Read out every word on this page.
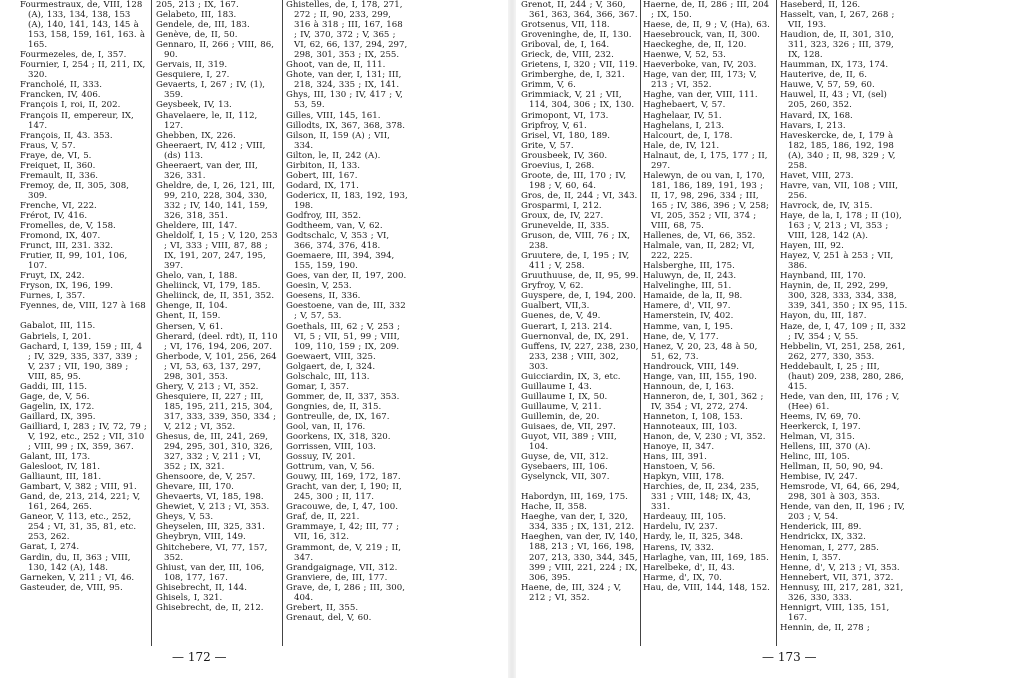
Fourmestraux, de, VIII, 128 (A), 133, 134, 138, 153 (A), 140, 141, 143, 145 à 153, 158, 159, 161, 163. à 165.
Fourmezeles, de, I, 357.
Fournier, I, 254 ; II, 211, IX, 320.
Francholé, II, 333.
Francken, IV, 406.
François I, roi, II, 202.
François II, empereur, IX, 147.
François, II, 43. 353.
Fraus, V, 57.
Fraye, de, VI, 5.
Freiquet, II, 360.
Fremault, II, 336.
Fremoy, de, II, 305, 308, 309.
Frenche, VI, 222.
Frérot, IV, 416.
Fromelles, de, V, 158.
Fromond, IX, 407.
Frunct, III, 231. 332.
Frutier, II, 99, 101, 106, 107.
Fruyt, IX, 242.
Fryson, IX, 196, 199.
Furnes, I, 357.
Fyennes, de, VIII, 127 à 168
Gabalot, III, 115.
Gabriels, I, 201.
Gachard, I, 139, 159 ; III, 4 ; IV, 329, 335, 337, 339 ; V, 237 ; VII, 190, 389 ; VIII, 85, 95.
Gaddi, III, 115.
Gage, de, V, 56.
Gagelin, IX, 172.
Gaillard, IX, 395.
Gailliard, I, 283 ; IV, 72, 79 ; V, 192, etc., 252 ; VII, 310 ; VIII, 99 ; IX, 359, 367.
Galant, III, 173.
Galesloot, IV, 181.
Galliaunt, III, 181.
Gambart, V, 382 ; VIII, 91.
Gand, de, 213, 214, 221; V, 161, 264, 265.
Ganeor, V, 113, etc., 252, 254 ; VI, 31, 35, 81, etc. 253, 262.
Garat, I, 274.
Gardin, du, II, 363 ; VIII, 130, 142 (A), 148.
Garneken, V, 211 ; VI, 46.
Gasteuder, de, VIII, 95.
205, 213 ; IX, 167.
Gelabeto, III, 183.
Gendele, de, III, 183.
Genève, de, II, 50.
Gennaro, II, 266 ; VIII, 86, 90.
Gervais, II, 319.
Gesquiere, I, 27.
Gevaerts, I, 267 ; IV, (1), 359.
Geysbeek, IV, 13.
Ghavelaere, le, II, 112, 127.
Ghebben, IX, 226.
Gheeraert, IV, 412 ; VIII, (ds) 113.
Gheeraert, van der, III, 326, 331.
Gheldre, de, I, 26, 121, III, 99, 210, 228, 304, 330, 332 ; IV, 140, 141, 159, 326, 318, 351.
Gheldere, III, 147.
Gheldolf, I, 15 ; V, 120, 253 ; VI, 333 ; VIII, 87, 88 ; IX, 191, 207, 247, 195, 397.
Ghelo, van, I, 188.
Gheliinck, VI, 179, 185.
Gheliinck, de, II, 351, 352.
Ghenge, II, 104.
Ghent, II, 159.
Ghersen, V, 61.
Gherard, (deel. rdt), II, 110 ; VI, 176, 194, 206, 207.
Gherbode, V, 101, 256, 264 ; VI, 53, 63, 137, 297, 298, 301, 353.
Ghery, V, 213 ; VI, 352.
Ghesquiere, II, 227 ; III, 185, 195, 211, 215, 304, 317, 333, 339, 350, 334 ; V, 212 ; VI, 352.
Ghesus, de, III, 241, 269, 294, 295, 301, 310, 326, 327, 332 ; V, 211 ; VI, 352 ; IX, 321.
Ghensoore, de, V, 257.
Ghevare, III, 170.
Ghevaerts, VI, 185, 198.
Ghewiet, V, 213 ; VI, 353.
Gheys, V, 53.
Gheyselen, III, 325, 331.
Gheybryn, VIII, 149.
Ghitchebere, VI, 77, 157, 352.
Ghiust, van der, III, 106, 108, 177, 167.
Ghisebrecht, II, 144.
Ghisels, I, 321.
Ghisebrecht, de, II, 212.
Ghistelles, de, I, 178, 271, 272 ; II, 90, 233, 299, 316 à 318 ; III, 167, 168 ; IV, 370, 372 ; V, 365 ; VI, 62, 66, 137, 294, 297, 298, 301, 353 ; IX, 255.
Ghoot, van de, II, 111.
Ghote, van der, I, 131; III, 218, 324, 335 ; IX, 141.
Ghys, III, 130 ; IV, 417 ; V, 53, 59.
Gilles, VIII, 145, 161.
Gillodts, IX, 367, 368, 378.
Gilson, II, 159 (A) ; VII, 334.
Gilton, le, II, 242 (A).
Girbiton, II, 133.
Gobert, III, 167.
Godard, IX, 171.
Godericx, II, 183, 192, 193, 198.
Godfroy, III, 352.
Godtheem, van, V, 62.
Godtschalc, V, 353 ; VI, 366, 374, 376, 418.
Goemaere, III, 394, 394, 155, 159, 190.
Goes, van der, II, 197, 200.
Goesin, V, 253.
Goesens, II, 336.
Goestoene, van de, III, 332 ; V, 57, 53.
Goethals, III, 62 ; V, 253 ; VI, 5 ; VII, 51, 99 ; VIII, 109, 110, 159 ; IX, 209.
Goewaert, VIII, 325.
Golgaert, de, I, 324.
Golschalc, III, 113.
Gomar, I, 357.
Gommer, de, II, 337, 353.
Gongnies, de, II, 315.
Gontreulle, de, IX, 167.
Gool, van, II, 176.
Goorkens, IX, 318, 320.
Gorrissen, VIII, 103.
Gossuy, IV, 201.
Gottrum, van, V, 56.
Gouwy, III, 169, 172, 187.
Gracht, van der, I, 190; II, 245, 300 ; II, 117.
Gracouwe, de, I, 47, 100.
Graf, de, II, 221.
Grammaye, I, 42; III, 77 ; VII, 16, 312.
Grammont, de, V, 219 ; II, 347.
Grandgaignage, VII, 312.
Granviere, de, III, 177.
Grave, de, I, 286 ; III, 300, 404.
Grebert, II, 355.
Grenaut, del, V, 60.
— 172 —
Grenot, II, 244 ; V, 360, 361, 363, 364, 366, 367.
Grotsenus, VII, 118.
Groveninghe, de, II, 130.
Griboval, de, I, 164.
Grieck, de, VIII, 232.
Grietens, I, 320 ; VII, 119.
Grimberghe, de, I, 321.
Grimm, V, 6.
Grimmiack, V, 21 ; VII, 114, 304, 306 ; IX, 130.
Grimopont, VI, 173.
Gripfroy, V, 61.
Grisel, VI, 180, 189.
Grite, V, 57.
Grousbeek, IV, 360.
Groevius, I, 268.
Groote, de, III, 170 ; IV, 198 ; V, 60, 64.
Gros, de, II, 244 ; VI, 343.
Grosparmi, I, 212.
Groux, de, IV, 227.
Grunevelde, II, 335.
Gruson, de, VIII, 76 ; IX, 238.
Gruutere, de, I, 195 ; IV, 411 ; V, 258.
Gruuthuuse, de, II, 95, 99.
Gryfroy, V, 62.
Guyspere, de, I, 194, 200.
Gualbert, VII,3.
Guenes, de, V, 49.
Guerart, I, 213. 214.
Guernonval, de, IX, 291.
Guffens, IV, 227, 238, 230, 233, 238 ; VIII, 302, 303.
Guicciardin, IX, 3, etc.
Guillaume I, 43.
Guillaume I, IX, 50.
Guillaume, V, 211.
Guillemin, de, 20.
Guisaes, de, VII, 297.
Guyot, VII, 389 ; VIII, 104.
Guyse, de, VII, 312.
Gysebaers, III, 106.
Gyselynck, VII, 307.
Habordyn, III, 169, 175.
Hache, II, 358.
Haeghe, van der, I, 320, 334, 335 ; IX, 131, 212.
Haeghen, van der, IV, 140, 188, 213 ; VI, 166, 198, 207, 213, 330, 344, 345, 399 ; VIII, 221, 224 ; IX, 306, 395.
Haene, de, III, 324 ; V, 212 ; VI, 352.
Haerne, de, II, 286 ; III, 204 ; IX, 150.
Haese, de, II, 9 ; V, (Ha), 63.
Haesebrouck, van, II, 300.
Haeckeghe, de, II, 120.
Haenwe, V, 52, 53.
Haeverboke, van, IV, 203.
Hage, van der, III, 173; V, 213 ; VI, 352.
Haghe, van der, VIII, 111.
Haghebaert, V, 57.
Haghelaar, IV, 51.
Haghelans, I, 213.
Halcourt, de, I, 178.
Hale, de, IV, 121.
Halnaut, de, I, 175, 177 ; II, 297.
Halewyn, de ou van, I, 170, 181, 186, 189, 191, 193 ; II, 17, 98, 296, 334 ; III, 165 ; IV, 386, 396 ; V, 258; VI, 205, 352 ; VII, 374 ; VIII, 68, 75.
Hallenes, de, VI, 66, 352.
Halmale, van, II, 282; VI, 222, 225.
Halsberghe, III, 175.
Haluwyn, de, II, 243.
Halvelinghe, III, 51.
Hamaide, de la, II, 98.
Hamere, d', VII, 97.
Hamerstein, IV, 402.
Hamme, van, I, 195.
Hane, de, V, 177.
Hanez, V, 20, 23, 48 à 50, 51, 62, 73.
Handrouck, VIII, 149.
Hange, van, III, 155, 190.
Hannoun, de, I, 163.
Hanneron, de, I, 301, 362 ; IV, 354 ; VI, 272, 274.
Hanneton, I, 108, 153.
Hannoteaux, III, 103.
Hanon, de, V, 230 ; VI, 352.
Hanoye, II, 347.
Hans, III, 391.
Hanstoen, V, 56.
Hapkyn, VIII, 178.
Harchies, de, II, 234, 235, 331 ; VIII, 148; IX, 43, 331.
Hardeauy, III, 105.
Hardelu, IV, 237.
Hardy, le, II, 325, 348.
Harens, IV, 332.
Harlaghe, van, III, 169, 185.
Harelbeke, d', II, 43.
Harme, d', IX, 70.
Hau, de, VIII, 144, 148, 152.
Haseberd, II, 126.
Hasselt, van, I, 267, 268 ; VII, 193.
Haudion, de, II, 301, 310, 311, 323, 326 ; III, 379, IX, 128.
Haumman, IX, 173, 174.
Hauterive, de, II, 6.
Hauwe, V, 57, 59, 60.
Hauwel, II, 43 ; VI, (sel) 205, 260, 352.
Havard, IX, 168.
Havars, I, 213.
Haveskercke, de, I, 179 à 182, 185, 186, 192, 198 (A), 340 ; II, 98, 329 ; V, 258.
Havet, VIII, 273.
Havre, van, VII, 108 ; VIII, 256.
Havrock, de, IV, 315.
Haye, de la, I, 178 ; II (10), 163 ; V, 213 ; VI, 353 ; VIII, 128, 142 (A).
Hayen, III, 92.
Hayez, V, 251 à 253 ; VII, 386.
Haynband, III, 170.
Haynin, de, II, 292, 299, 300, 328, 333, 334, 338, 339, 341, 350 ; IX 95, 115.
Hayon, du, III, 187.
Haze, de, I, 47, 109 ; II, 332 ; IV, 354 ; V, 55.
Hebbelin, VI, 251, 258, 261, 262, 277, 330, 353.
Heddebault, I, 25 ; III, (haut) 209, 238, 280, 286, 415.
Hede, van den, III, 176 ; V, (Hee) 61.
Heems, IV, 69, 70.
Heerkerck, I, 197.
Helman, VI, 315.
Hellens, III, 370 (A).
Helinc, III, 105.
Hellman, II, 50, 90, 94.
Hembise, IV, 247.
Hemsrode, VI, 64, 66, 294, 298, 301 à 303, 353.
Hende, van den, II, 196 ; IV, 203 ; V, 54.
Henderick, III, 89.
Hendrickx, IX, 332.
Henoman, I, 277, 285.
Henin, I, 357.
Henne, d', V, 213 ; VI, 353.
Hennebert, VII, 371, 372.
Hennusy, III, 217, 281, 321, 326, 330, 333.
Hennigrt, VIII, 135, 151, 167.
Hennin, de, II, 278 ;
— 173 —
